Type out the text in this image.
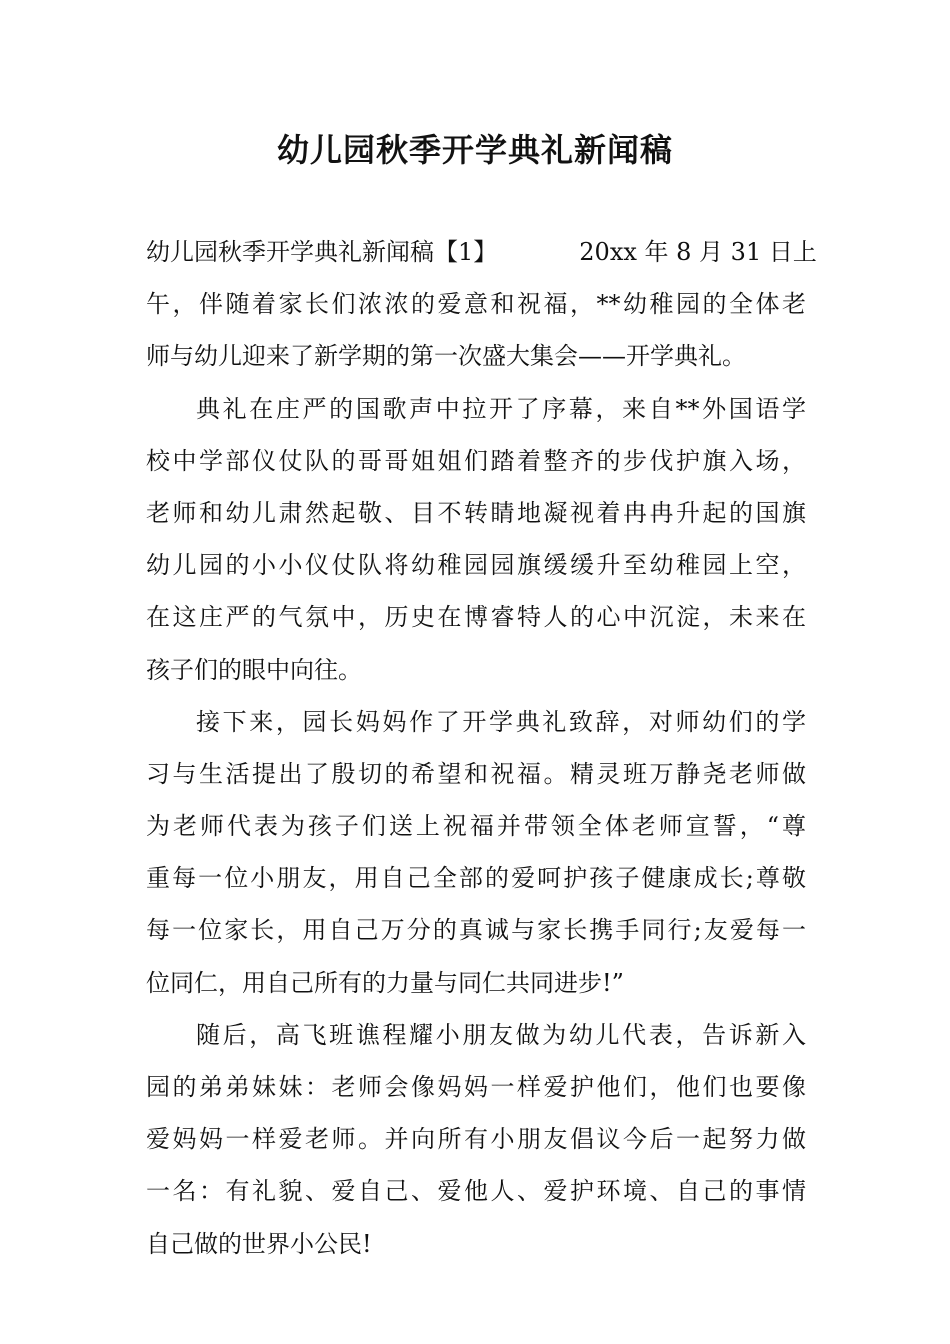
幼儿园秋季开学典礼新闻稿
幼儿园秋季开学典礼新闻稿【1】	20xx 年 8 月 31 日上
午，伴随着家长们浓浓的爱意和祝福，**幼稚园的全体老
师与幼儿迎来了新学期的第一次盛大集会——开学典礼。
典礼在庄严的国歌声中拉开了序幕，来自**外国语学
校中学部仪仗队的哥哥姐姐们踏着整齐的步伐护旗入场，
老师和幼儿肃然起敬、目不转睛地凝视着冉冉升起的国旗
幼儿园的小小仪仗队将幼稚园园旗缓缓升至幼稚园上空，
在这庄严的气氛中，历史在博睿特人的心中沉淀，未来在
孩子们的眼中向往。
接下来，园长妈妈作了开学典礼致辞，对师幼们的学
习与生活提出了殷切的希望和祝福。精灵班万静尧老师做
为老师代表为孩子们送上祝福并带领全体老师宣誓，“尊
重每一位小朋友，用自己全部的爱呵护孩子健康成长;尊敬
每一位家长，用自己万分的真诚与家长携手同行;友爱每一
位同仁，用自己所有的力量与同仁共同进步!”
随后，高飞班谯程耀小朋友做为幼儿代表，告诉新入
园的弟弟妹妹：老师会像妈妈一样爱护他们，他们也要像
爱妈妈一样爱老师。并向所有小朋友倡议今后一起努力做
一名：有礼貌、爱自己、爱他人、爱护环境、自己的事情
自己做的世界小公民!
